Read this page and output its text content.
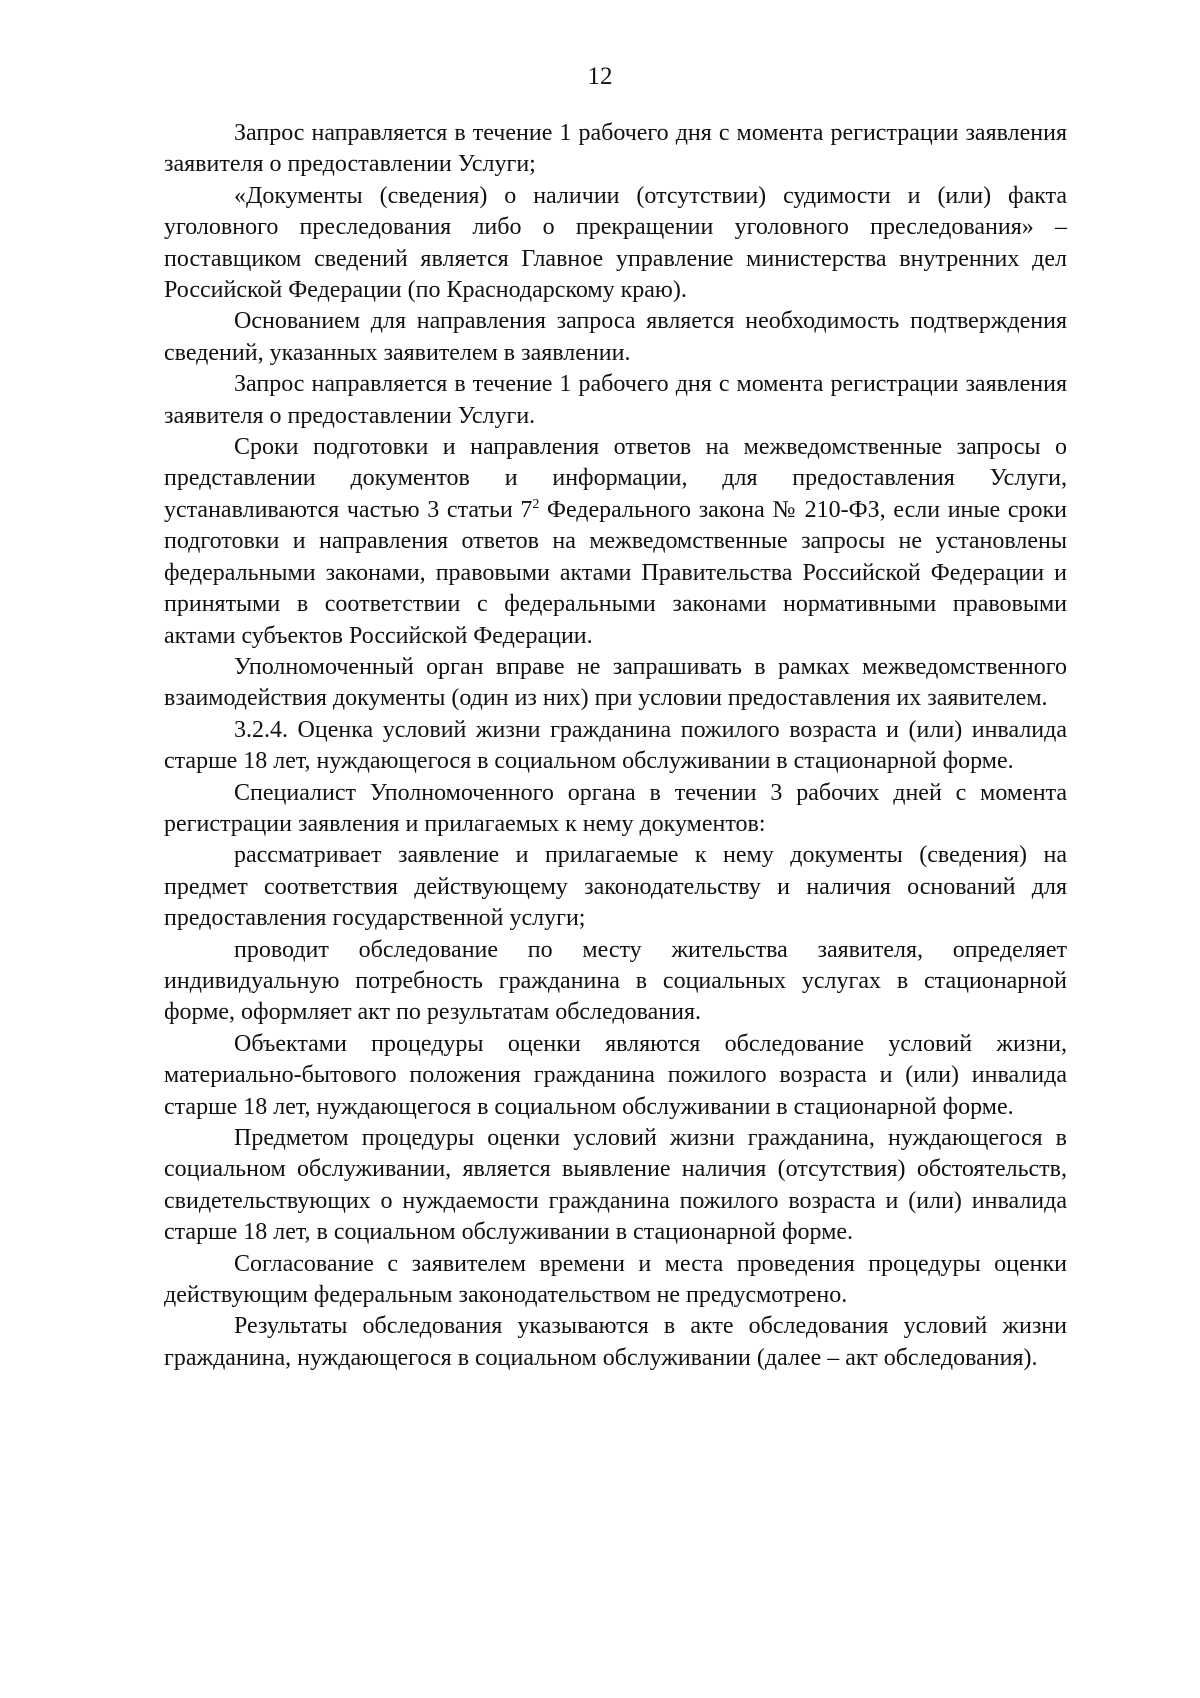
12

Запрос направляется в течение 1 рабочего дня с момента регистрации заявления заявителя о предоставлении Услуги;

«Документы (сведения) о наличии (отсутствии) судимости и (или) факта уголовного преследования либо о прекращении уголовного преследования» – поставщиком сведений является Главное управление министерства внутренних дел Российской Федерации (по Краснодарскому краю).

Основанием для направления запроса является необходимость подтверждения сведений, указанных заявителем в заявлении.

Запрос направляется в течение 1 рабочего дня с момента регистрации заявления заявителя о предоставлении Услуги.

Сроки подготовки и направления ответов на межведомственные запросы о представлении документов и информации, для предоставления Услуги, устанавливаются частью 3 статьи $7^2$ Федерального закона № 210-ФЗ, если иные сроки подготовки и направления ответов на межведомственные запросы не установлены федеральными законами, правовыми актами Правительства Российской Федерации и принятыми в соответствии с федеральными законами нормативными правовыми актами субъектов Российской Федерации.

Уполномоченный орган вправе не запрашивать в рамках межведомственного взаимодействия документы (один из них) при условии предоставления их заявителем.

3.2.4. Оценка условий жизни гражданина пожилого возраста и (или) инвалида старше 18 лет, нуждающегося в социальном обслуживании в стационарной форме.

Специалист Уполномоченного органа в течении 3 рабочих дней с момента регистрации заявления и прилагаемых к нему документов:

рассматривает заявление и прилагаемые к нему документы (сведения) на предмет соответствия действующему законодательству и наличия оснований для предоставления государственной услуги;

проводит обследование по месту жительства заявителя, определяет индивидуальную потребность гражданина в социальных услугах в стационарной форме, оформляет акт по результатам обследования.

Объектами процедуры оценки являются обследование условий жизни, материально-бытового положения гражданина пожилого возраста и (или) инвалида старше 18 лет, нуждающегося в социальном обслуживании в стационарной форме.

Предметом процедуры оценки условий жизни гражданина, нуждающегося в социальном обслуживании, является выявление наличия (отсутствия) обстоятельств, свидетельствующих о нуждаемости гражданина пожилого возраста и (или) инвалида старше 18 лет, в социальном обслуживании в стационарной форме.

Согласование с заявителем времени и места проведения процедуры оценки действующим федеральным законодательством не предусмотрено.

Результаты обследования указываются в акте обследования условий жизни гражданина, нуждающегося в социальном обслуживании (далее – акт обследования).
